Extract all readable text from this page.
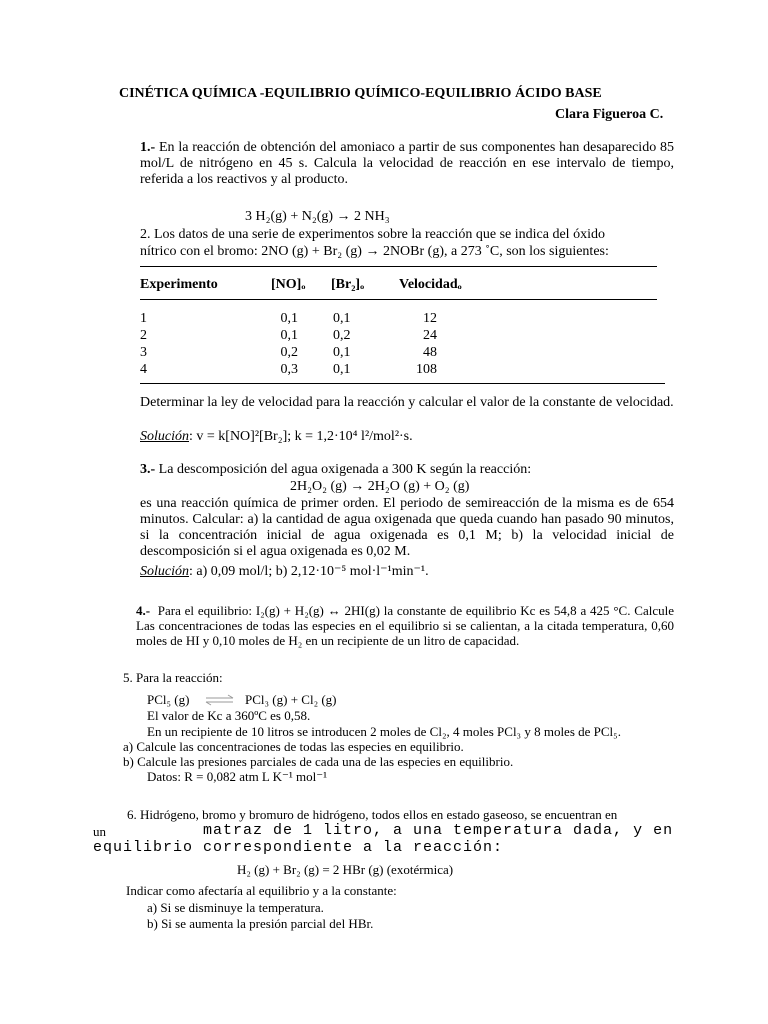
CINÉTICA QUÍMICA -EQUILIBRIO QUÍMICO-EQUILIBRIO ÁCIDO BASE
Clara Figueroa C.
1.- En la reacción de obtención del amoniaco a partir de sus componentes han desaparecido 85 mol/L de nitrógeno en 45 s. Calcula la velocidad de reacción en ese intervalo de tiempo, referida a los reactivos y al producto.
3 H₂(g) + N₂(g) → 2 NH₃
2. Los datos de una serie de experimentos sobre la reacción que se indica del óxido
nítrico con el bromo: 2NO (g) + Br₂ (g) → 2NOBr (g), a 273 ˚C, son los siguientes:
Experimento	[NO]ₒ [Br₂]ₒ Velocidadₒ
1	0,1	0,1	12
2	0,1	0,2	24
3	0,2	0,1	48
4	0,3	0,1	108
Determinar la ley de velocidad para la reacción y calcular el valor de la constante de velocidad.
Solución: v = k[NO]²[Br₂]; k = 1,2·10⁴ l²/mol²·s.
3.- La descomposición del agua oxigenada a 300 K según la reacción:
2H₂O₂ (g) → 2H₂O (g) + O₂ (g)
es una reacción química de primer orden. El periodo de semireacción de la misma es de 654 minutos. Calcular: a) la cantidad de agua oxigenada que queda cuando han pasado 90 minutos, si la concentración inicial de agua oxigenada es 0,1 M; b) la velocidad inicial de descomposición si el agua oxigenada es 0,02 M.
Solución: a) 0,09 mol/l; b) 2,12·10⁻⁵ mol·l⁻¹min⁻¹.
4.- Para el equilibrio: I₂(g) + H₂(g) ↔ 2HI(g) la constante de equilibrio Kc es 54,8 a 425 °C. Calcule Las concentraciones de todas las especies en el equilibrio si se calientan, a la citada temperatura, 0,60 moles de HI y 0,10 moles de H₂ en un recipiente de un litro de capacidad.
5. Para la reacción:
PCl₅ (g) ⇌ PCl₃ (g) + Cl₂ (g)
El valor de Kc a 360ºC es 0,58.
En un recipiente de 10 litros se introducen 2 moles de Cl₂, 4 moles PCl₃ y 8 moles de PCl₅.
a) Calcule las concentraciones de todas las especies en equilibrio.
b) Calcule las presiones parciales de cada una de las especies en equilibrio.
Datos: R = 0,082 atm L K⁻¹ mol⁻¹
6. Hidrógeno, bromo y bromuro de hidrógeno, todos ellos en estado gaseoso, se encuentran en
un	matraz de 1 litro, a una temperatura dada, y en
equilibrio correspondiente a la reacción:
H₂ (g) + Br₂ (g) = 2 HBr (g) (exotérmica)
Indicar como afectaría al equilibrio y a la constante:
a) Si se disminuye la temperatura.
b) Si se aumenta la presión parcial del HBr.
